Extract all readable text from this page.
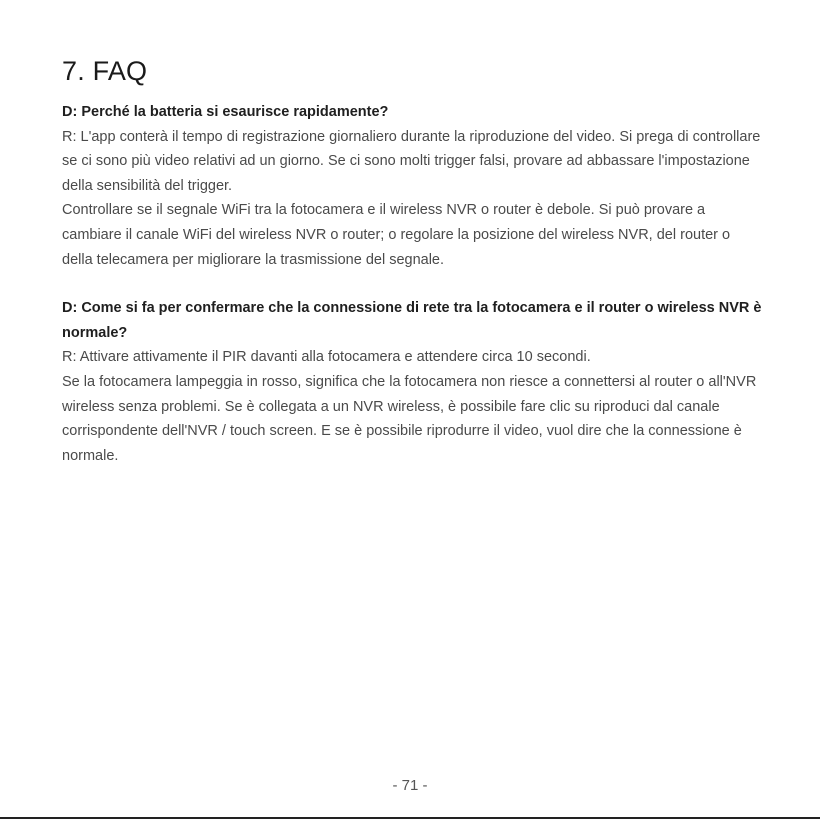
7. FAQ

D: Perché la batteria si esaurisce rapidamente?

R: L'app conterà il tempo di registrazione giornaliero durante la riproduzione del video. Si prega di controllare se ci sono più video relativi ad un giorno. Se ci sono molti trigger falsi, provare ad abbassare l'impostazione della sensibilità del trigger.

Controllare se il segnale WiFi tra la fotocamera e il wireless NVR o router è debole. Si può provare a cambiare il canale WiFi del wireless NVR o router; o regolare la posizione del wireless NVR, del router o della telecamera per migliorare la trasmissione del segnale.

D: Come si fa per confermare che la connessione di rete tra la fotocamera e il router o wireless NVR è normale?

R: Attivare attivamente il PIR davanti alla fotocamera e attendere circa 10 secondi.

Se la fotocamera lampeggia in rosso, significa che la fotocamera non riesce a connettersi al router o all'NVR wireless senza problemi. Se è collegata a un NVR wireless, è possibile fare clic su riproduci dal canale corrispondente dell'NVR / touch screen. E se è possibile riprodurre il video, vuol dire che la connessione è normale.

- 71 -
